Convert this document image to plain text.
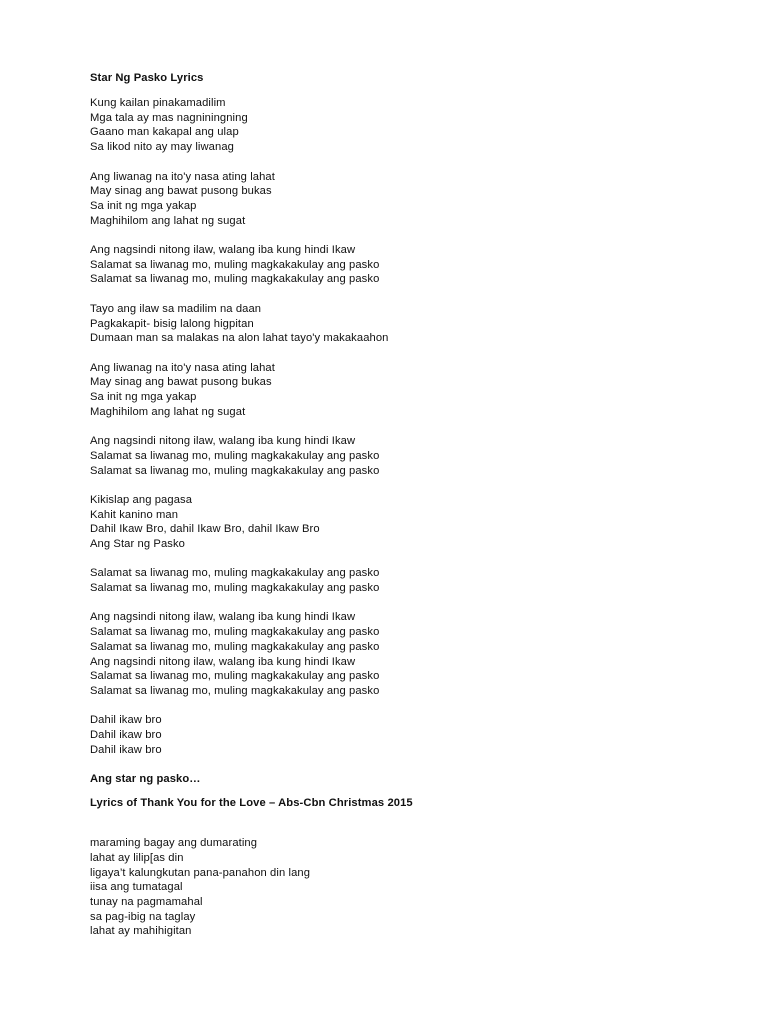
Star Ng Pasko Lyrics
Kung kailan pinakamadilim
Mga tala ay mas nagniningning
Gaano man kakapal ang ulap
Sa likod nito ay may liwanag
Ang liwanag na ito'y nasa ating lahat
May sinag ang bawat pusong bukas
Sa init ng mga yakap
Maghihilom ang lahat ng sugat
Ang nagsindi nitong ilaw, walang iba kung hindi Ikaw
Salamat sa liwanag mo, muling magkakakulay ang pasko
Salamat sa liwanag mo, muling magkakakulay ang pasko
Tayo ang ilaw sa madilim na daan
Pagkakapit- bisig lalong higpitan
Dumaan man sa malakas na alon lahat tayo'y makakaahon
Ang liwanag na ito'y nasa ating lahat
May sinag ang bawat pusong bukas
Sa init ng mga yakap
Maghihilom ang lahat ng sugat
Ang nagsindi nitong ilaw, walang iba kung hindi Ikaw
Salamat sa liwanag mo, muling magkakakulay ang pasko
Salamat sa liwanag mo, muling magkakakulay ang pasko
Kikislap ang pagasa
Kahit kanino man
Dahil Ikaw Bro, dahil Ikaw Bro, dahil Ikaw Bro
Ang Star ng Pasko
Salamat sa liwanag mo, muling magkakakulay ang pasko
Salamat sa liwanag mo, muling magkakakulay ang pasko
Ang nagsindi nitong ilaw, walang iba kung hindi Ikaw
Salamat sa liwanag mo, muling magkakakulay ang pasko
Salamat sa liwanag mo, muling magkakakulay ang pasko
Ang nagsindi nitong ilaw, walang iba kung hindi Ikaw
Salamat sa liwanag mo, muling magkakakulay ang pasko
Salamat sa liwanag mo, muling magkakakulay ang pasko
Dahil ikaw bro
Dahil ikaw bro
Dahil ikaw bro
Ang star ng pasko…
Lyrics of Thank You for the Love – Abs-Cbn Christmas 2015
maraming bagay ang dumarating
lahat ay lilip[as din
ligaya’t kalungkutan pana-panahon din lang
iisa ang tumatagal
tunay na pagmamahal
sa pag-ibig na taglay
lahat ay mahihigitan
